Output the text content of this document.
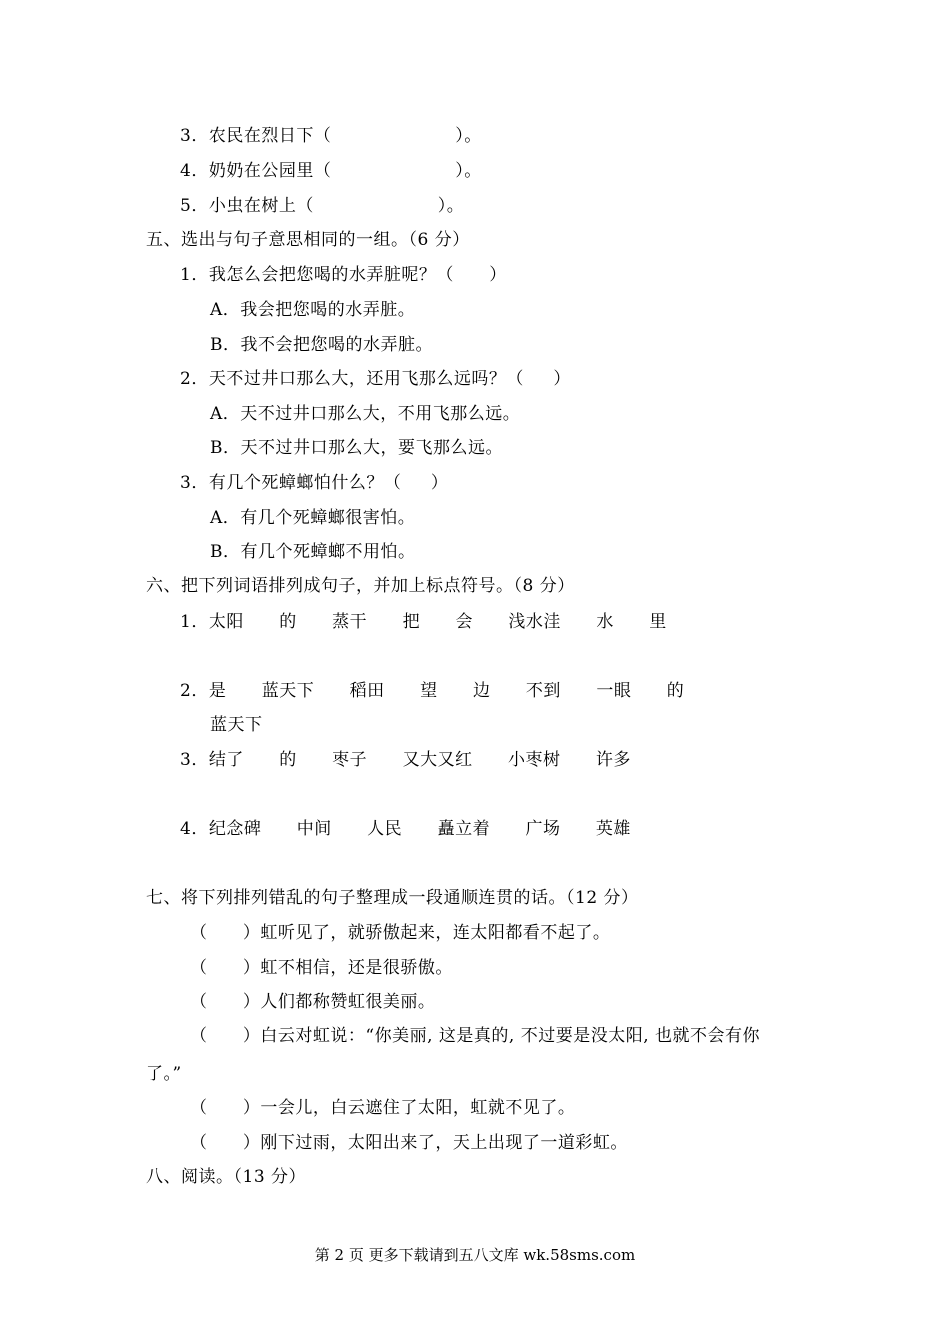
3．农民在烈日下（                     ）。
4．奶奶在公园里（                     ）。
5．小虫在树上（                     ）。
五、选出与句子意思相同的一组。（6 分）
1．我怎么会把您喝的水弄脏呢？（      ）
A．我会把您喝的水弄脏。
B．我不会把您喝的水弄脏。
2．天不过井口那么大，还用飞那么远吗？（     ）
A．天不过井口那么大，不用飞那么远。
B．天不过井口那么大，要飞那么远。
3．有几个死蟑螂怕什么？（     ）
A．有几个死蟑螂很害怕。
B．有几个死蟑螂不用怕。
六、把下列词语排列成句子，并加上标点符号。（8 分）
1．太阳      的      蒸干      把      会      浅水洼      水      里
2．是      蓝天下      稻田      望      边      不到      一眼      的
蓝天下
3．结了      的      枣子      又大又红      小枣树      许多
4．纪念碑      中间      人民      矗立着      广场      英雄
七、将下列排列错乱的句子整理成一段通顺连贯的话。（12 分）
（      ）虹听见了，就骄傲起来，连太阳都看不起了。
（      ）虹不相信，还是很骄傲。
（      ）人们都称赞虹很美丽。
（      ）白云对虹说：“你美丽, 这是真的, 不过要是没太阳, 也就不会有你
了。”
（      ）一会儿，白云遮住了太阳，虹就不见了。
（      ）刚下过雨，太阳出来了，天上出现了一道彩虹。
八、阅读。（13 分）
第 2 页 更多下载请到五八文库 wk.58sms.com
